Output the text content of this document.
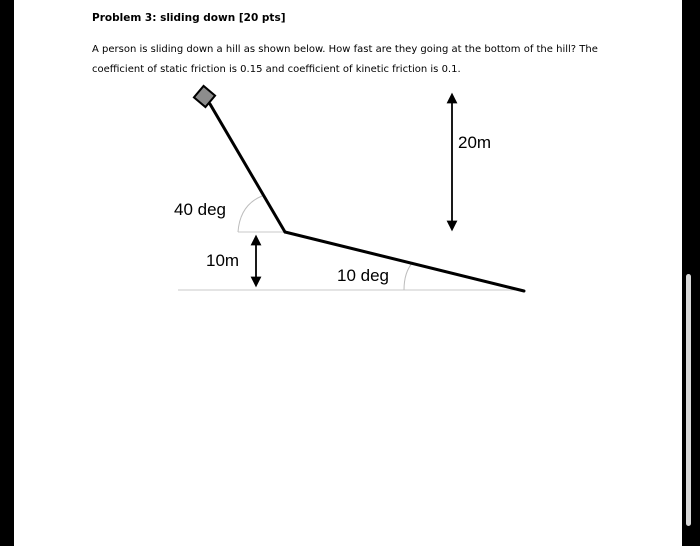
Problem 3: sliding down [20 pts]
A person is sliding down a hill as shown below. How fast are they going at the bottom of the hill? The
coefficient of static friction is 0.15 and coefficient of kinetic friction is 0.1.
20m
40 deg
10m
10 deg
